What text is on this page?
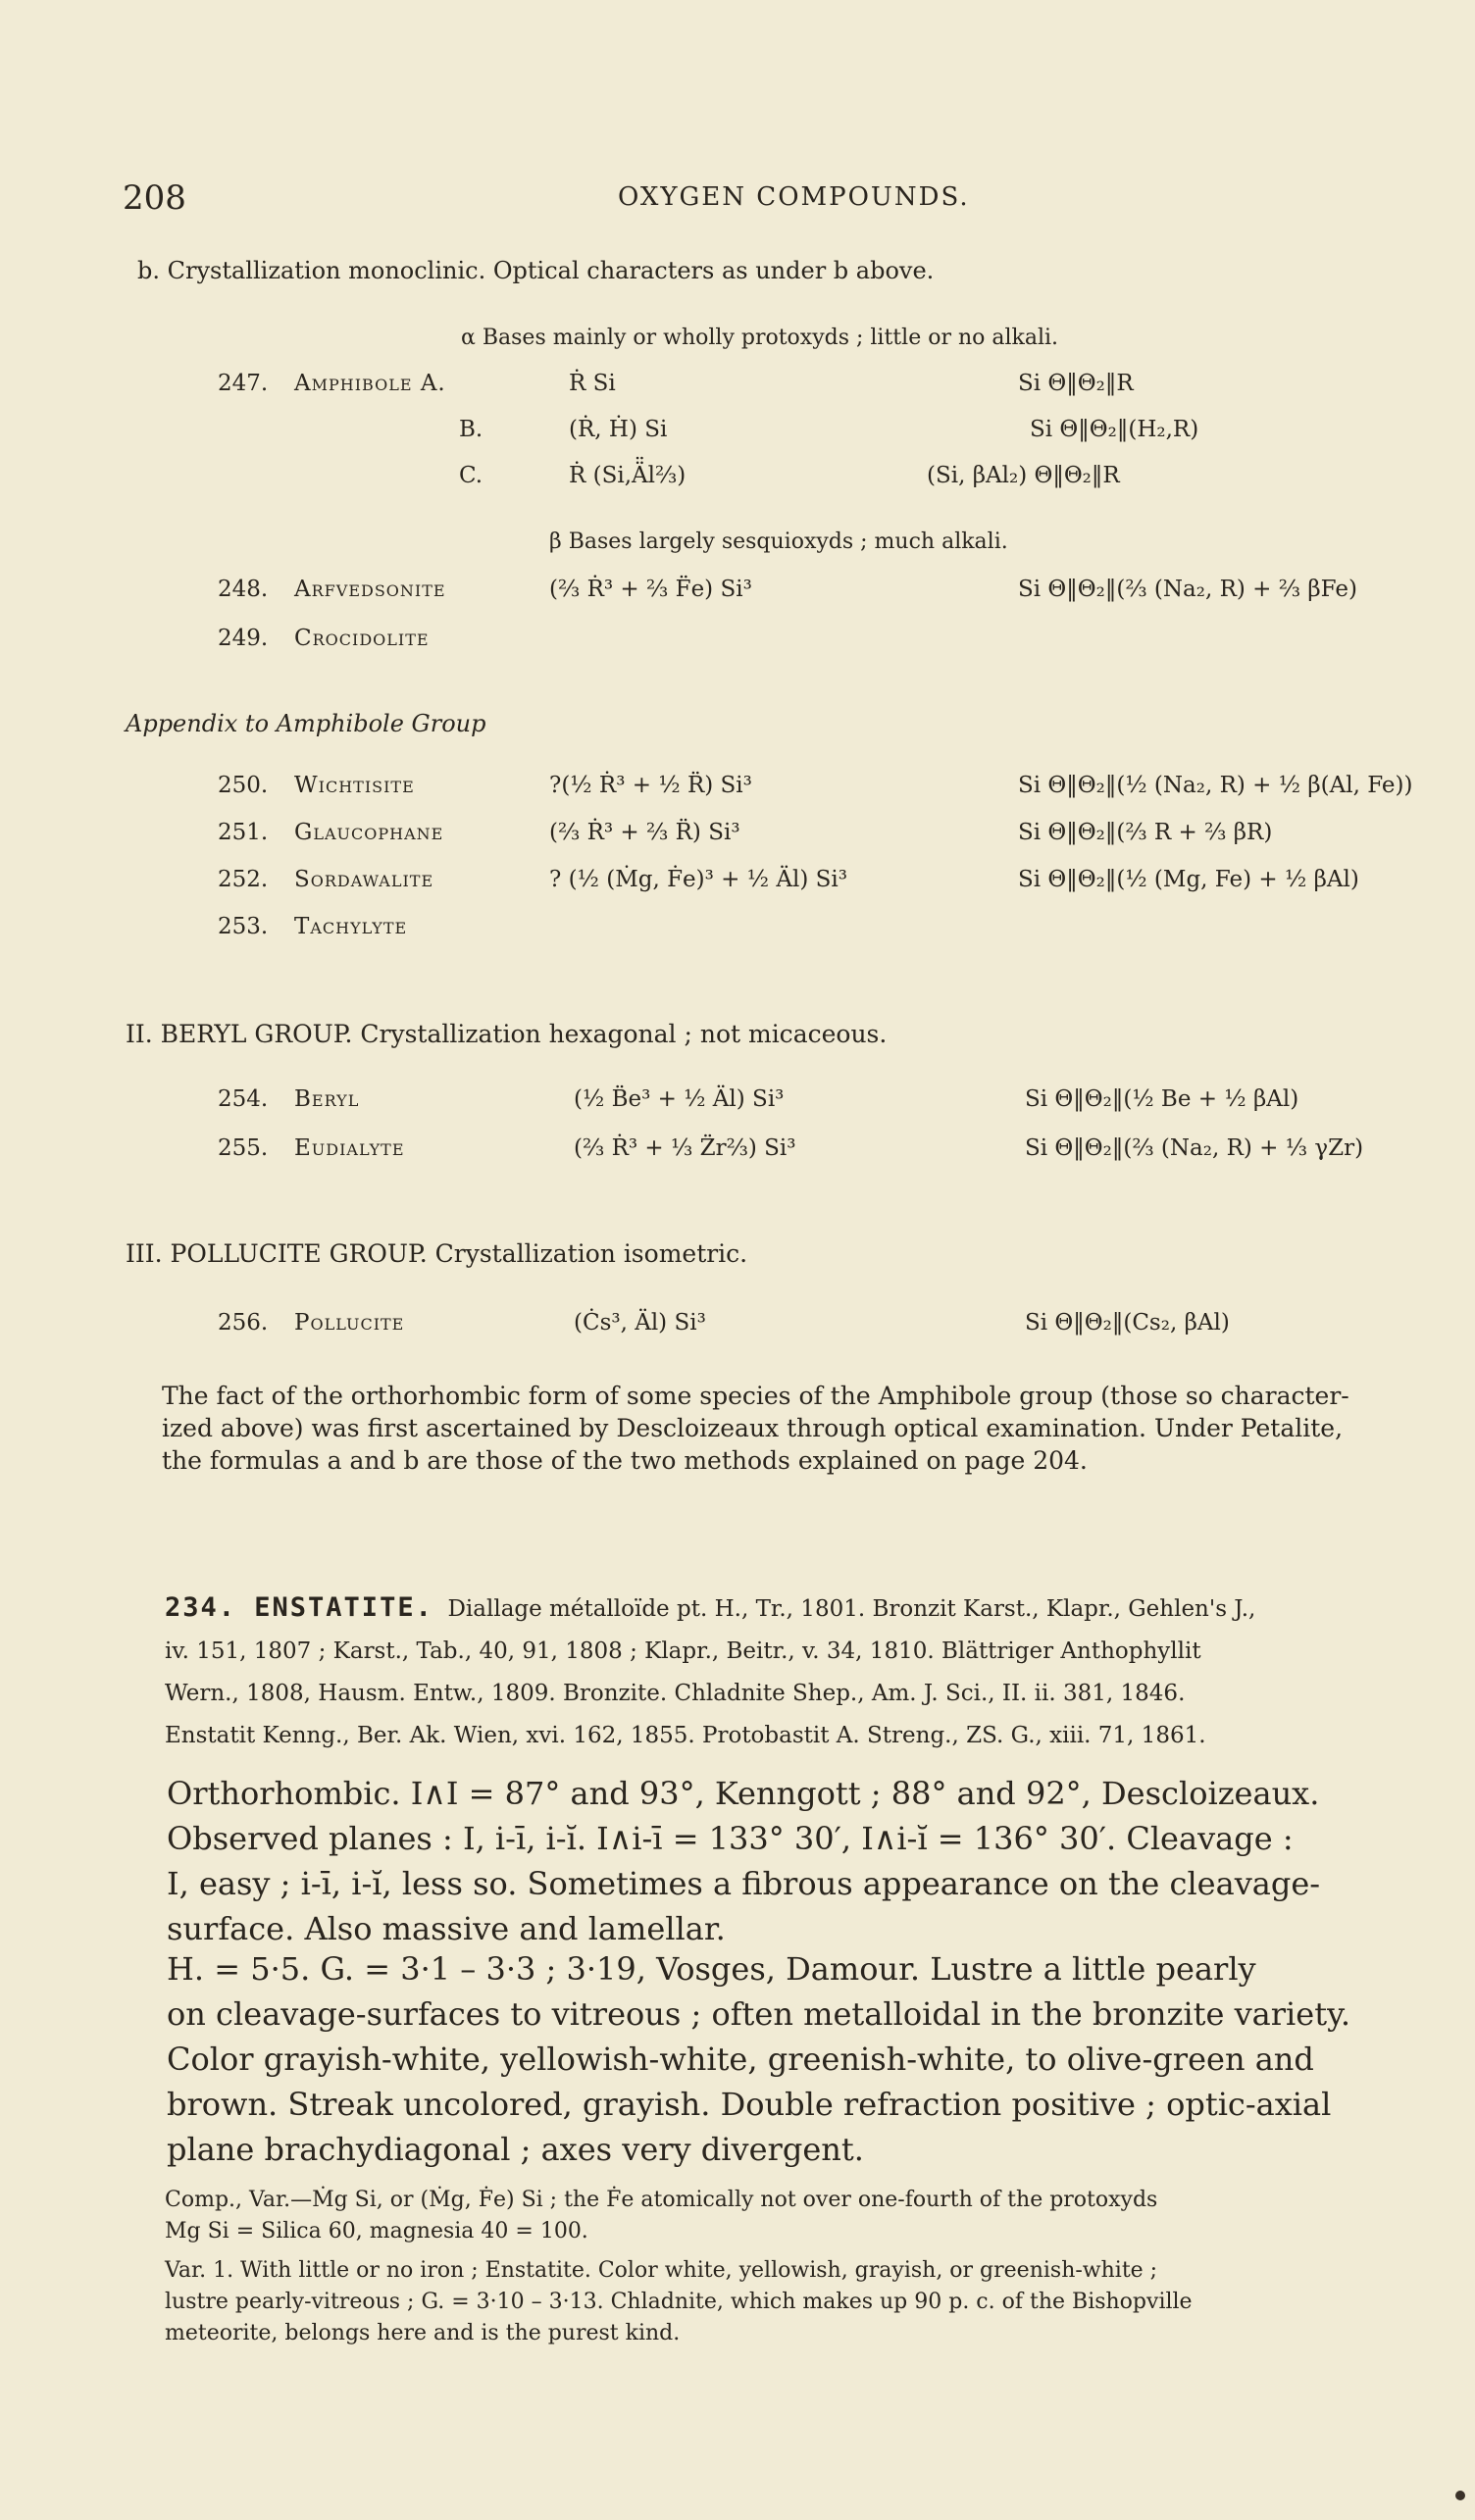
208	OXYGEN COMPOUNDS.
b. Crystallization monoclinic. Optical characters as under b above.
α Bases mainly or wholly protoxyds ; little or no alkali.
247. Amphibole A.	Ṙ Si	Si Θ‖Θ₂‖R
B.	(Ṙ, Ḣ) Si	Si Θ‖Θ₂‖(H₂,R)
C.	Ṙ (Si,Ä̈l⅔)	(Si, βAl₂) Θ‖Θ₂‖R
β Bases largely sesquioxyds ; much alkali.
248. Arfvedsonite	(⅔ Ṙ³ + ⅔ F̈e) Si³	Si Θ‖Θ₂‖(⅔ (Na₂, R) + ⅔ βFe)
249. Crocidolite
Appendix to Amphibole Group
250. Wichtisite	?(½ Ṙ³ + ½ R̈) Si³	Si Θ‖Θ₂‖(½ (Na₂, R) + ½ β(Al, Fe))
251. Glaucophane	(⅔ Ṙ³ + ⅔ R̈) Si³	Si Θ‖Θ₂‖(⅔ R + ⅔ βR)
252. Sordawalite	? (½ (Ṁg, Ḟe)³ + ½ Äl) Si³	Si Θ‖Θ₂‖(½ (Mg, Fe) + ½ βAl)
253. Tachylyte
II. BERYL GROUP. Crystallization hexagonal ; not micaceous.
254. Beryl	(½ B̈e³ + ½ Äl) Si³	Si Θ‖Θ₂‖(½ Be + ½ βAl)
255. Eudialyte	(⅔ Ṙ³ + ⅓ Z̈r⅔) Si³	Si Θ‖Θ₂‖(⅔ (Na₂, R) + ⅓ γZr)
III. POLLUCITE GROUP. Crystallization isometric.
256. Pollucite	(Ċs³, Äl) Si³	Si Θ‖Θ₂‖(Cs₂, βAl)
The fact of the orthorhombic form of some species of the Amphibole group (those so character-
ized above) was first ascertained by Descloizeaux through optical examination. Under Petalite,
the formulas a and b are those of the two methods explained on page 204.
234. ENSTATITE. Diallage métalloïde pt. H., Tr., 1801. Bronzit Karst., Klapr., Gehlen's J.,
iv. 151, 1807 ; Karst., Tab., 40, 91, 1808 ; Klapr., Beitr., v. 34, 1810. Blättriger Anthophyllit
Wern., 1808, Hausm. Entw., 1809. Bronzite. Chladnite Shep., Am. J. Sci., II. ii. 381, 1846.
Enstatit Kenng., Ber. Ak. Wien, xvi. 162, 1855. Protobastit A. Streng., ZS. G., xiii. 71, 1861.
Orthorhombic. I∧I = 87° and 93°, Kenngott ; 88° and 92°, Descloizeaux.
Observed planes : I, i-ī, i-ĭ. I∧i-ī = 133° 30′, I∧i-ĭ = 136° 30′. Cleavage :
I, easy ; i-ī, i-ĭ, less so. Sometimes a fibrous appearance on the cleavage-
surface. Also massive and lamellar.
H. = 5·5. G. = 3·1 – 3·3 ; 3·19, Vosges, Damour. Lustre a little pearly
on cleavage-surfaces to vitreous ; often metalloidal in the bronzite variety.
Color grayish-white, yellowish-white, greenish-white, to olive-green and
brown. Streak uncolored, grayish. Double refraction positive ; optic-axial
plane brachydiagonal ; axes very divergent.
Comp., Var.—Ṁg Si, or (Ṁg, Ḟe) Si ; the Ḟe atomically not over one-fourth of the protoxyds
Mg Si = Silica 60, magnesia 40 = 100.
Var. 1. With little or no iron ; Enstatite. Color white, yellowish, grayish, or greenish-white ;
lustre pearly-vitreous ; G. = 3·10 – 3·13. Chladnite, which makes up 90 p. c. of the Bishopville
meteorite, belongs here and is the purest kind.
